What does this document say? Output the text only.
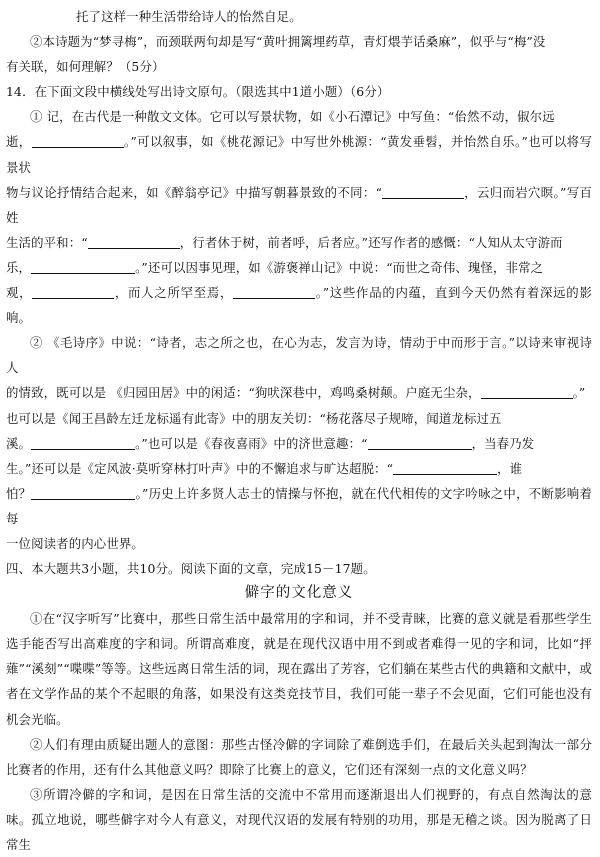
托了这样一种生活带给诗人的怡然自足。

②本诗题为“梦寻梅”，而颈联两句却是写“黄叶拥篱埋药草，青灯煨芋话桑麻”，似乎与“梅”没

有关联，如何理解？（5分）

14．在下面文段中横线处写出诗文原句。（限选其中1道小题）（6分）

① 记，在古代是一种散文文体。它可以写景状物，如《小石潭记》中写鱼：“佁然不动，俶尔远

逝，	。”可以叙事，如《桃花源记》中写世外桃源：“黄发垂髫，并怡然自乐。”也可以将写景状

物与议论抒情结合起来，如《醉翁亭记》中描写朝暮景致的不同：“	，云归而岩穴暝。”写百姓

生活的平和：“	，行者休于树，前者呼，后者应。”还写作者的感慨：“人知从太守游而

乐，	。”还可以因事见理，如《游褒禅山记》中说：“而世之奇伟、瑰怪，非常之

观，	，而人之所罕至焉，	。”这些作品的内蕴，直到今天仍然有着深远的影响。

② 《毛诗序》中说：“诗者，志之所之也，在心为志，发言为诗，情动于中而形于言。”以诗来审视诗人

的情致，既可以是 《归园田居》中的闲适：“狗吠深巷中，鸡鸣桑树颠。户庭无尘杂，	。”

也可以是《闻王昌龄左迁龙标遥有此寄》中的朋友关切：“杨花落尽子规啼，闻道龙标过五

溪。	。”也可以是《春夜喜雨》中的济世意趣：“	，当春乃发

生。”还可以是《定风波·莫听穿林打叶声》中的不懈追求与旷达超脱：“	，谁

怕？	。”历史上许多贤人志士的情操与怀抱，就在代代相传的文字吟咏之中，不断影响着每

一位阅读者的内心世界。

四、本大题共3小题，共10分。阅读下面的文章，完成15－17题。

僻字的文化意义

①在“汉字听写”比赛中，那些日常生活中最常用的字和词，并不受青睐，比赛的意义就是看那些学生选手能否写出高难度的字和词。所谓高难度，就是在现代汉语中用不到或者难得一见的字和词，比如“抨薙”“溪刻”“喋喋”等等。这些远离日常生活的词，现在露出了芳容，它们躺在某些古代的典籍和文献中，或者在文学作品的某个不起眼的角落，如果没有这类竞技节目，我们可能一辈子不会见面，它们可能也没有机会光临。

②人们有理由质疑出题人的意图：那些古怪冷僻的字词除了难倒选手们，在最后关头起到淘汰一部分比赛者的作用，还有什么其他意义吗？即除了比赛上的意义，它们还有深刻一点的文化意义吗？

③所谓冷僻的字和词，是因在日常生活的交流中不常用而逐渐退出人们视野的，有点自然淘汰的意味。孤立地说，哪些僻字对今人有意义，对现代汉语的发展有特别的功用，那是无稽之谈。因为脱离了日常生
